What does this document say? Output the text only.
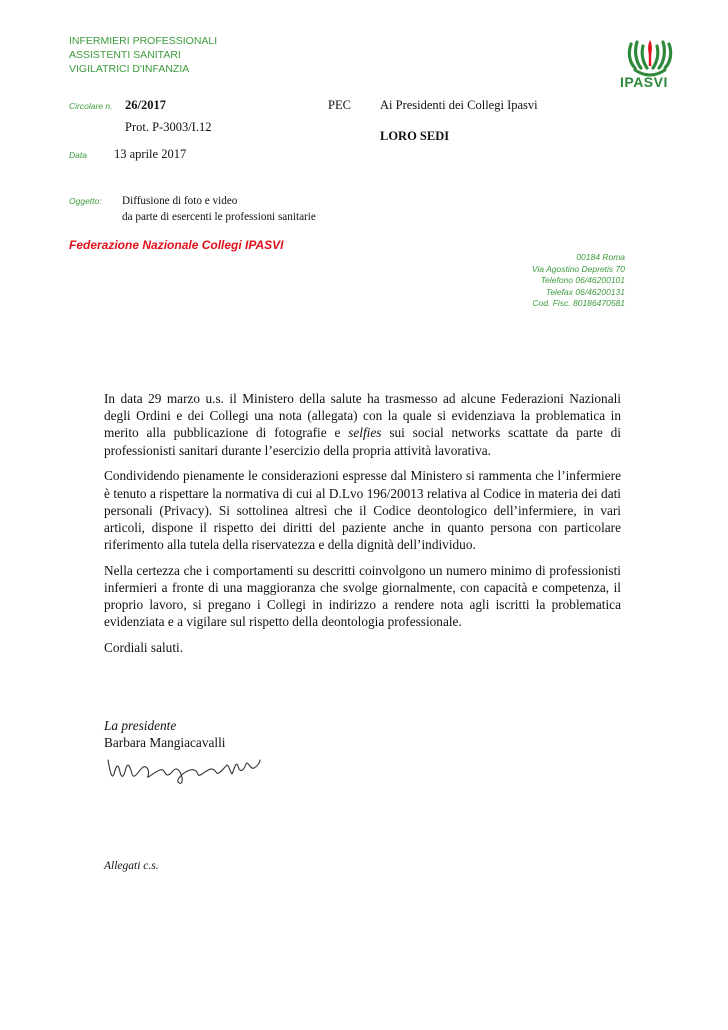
INFERMIERI PROFESSIONALI
ASSISTENTI SANITARI
VIGILATRICI D'INFANZIA
IPASVI
Circolare n. 26/2017
Prot. P-3003/I.12
Data 13 aprile 2017
PEC Ai Presidenti dei Collegi Ipasvi
LORO SEDI
Oggetto: Diffusione di foto e video
da parte di esercenti le professioni sanitarie
Federazione Nazionale Collegi IPASVI
00184 Roma
Via Agostino Depretis 70
Telefono 06/46200101
Telefax 06/46200131
Cod. Fisc. 80186470581

In data 29 marzo u.s. il Ministero della salute ha trasmesso ad alcune Federazioni Nazionali degli Ordini e dei Collegi una nota (allegata) con la quale si evidenziava la problematica in merito alla pubblicazione di fotografie e selfies sui social networks scattate da parte di professionisti sanitari durante l’esercizio della propria attività lavorativa.

Condividendo pienamente le considerazioni espresse dal Ministero si rammenta che l’infermiere è tenuto a rispettare la normativa di cui al D.Lvo 196/20013 relativa al Codice in materia dei dati personali (Privacy). Si sottolinea altresì che il Codice deontologico dell’infermiere, in vari articoli, dispone il rispetto dei diritti del paziente anche in quanto persona con particolare riferimento alla tutela della riservatezza e della dignità dell’individuo.

Nella certezza che i comportamenti su descritti coinvolgono un numero minimo di professionisti infermieri a fronte di una maggioranza che svolge giornalmente, con capacità e competenza, il proprio lavoro, si pregano i Collegi in indirizzo a rendere nota agli iscritti la problematica evidenziata e a vigilare sul rispetto della deontologia professionale.

Cordiali saluti.

La presidente
Barbara Mangiacavalli
Allegati c.s.
